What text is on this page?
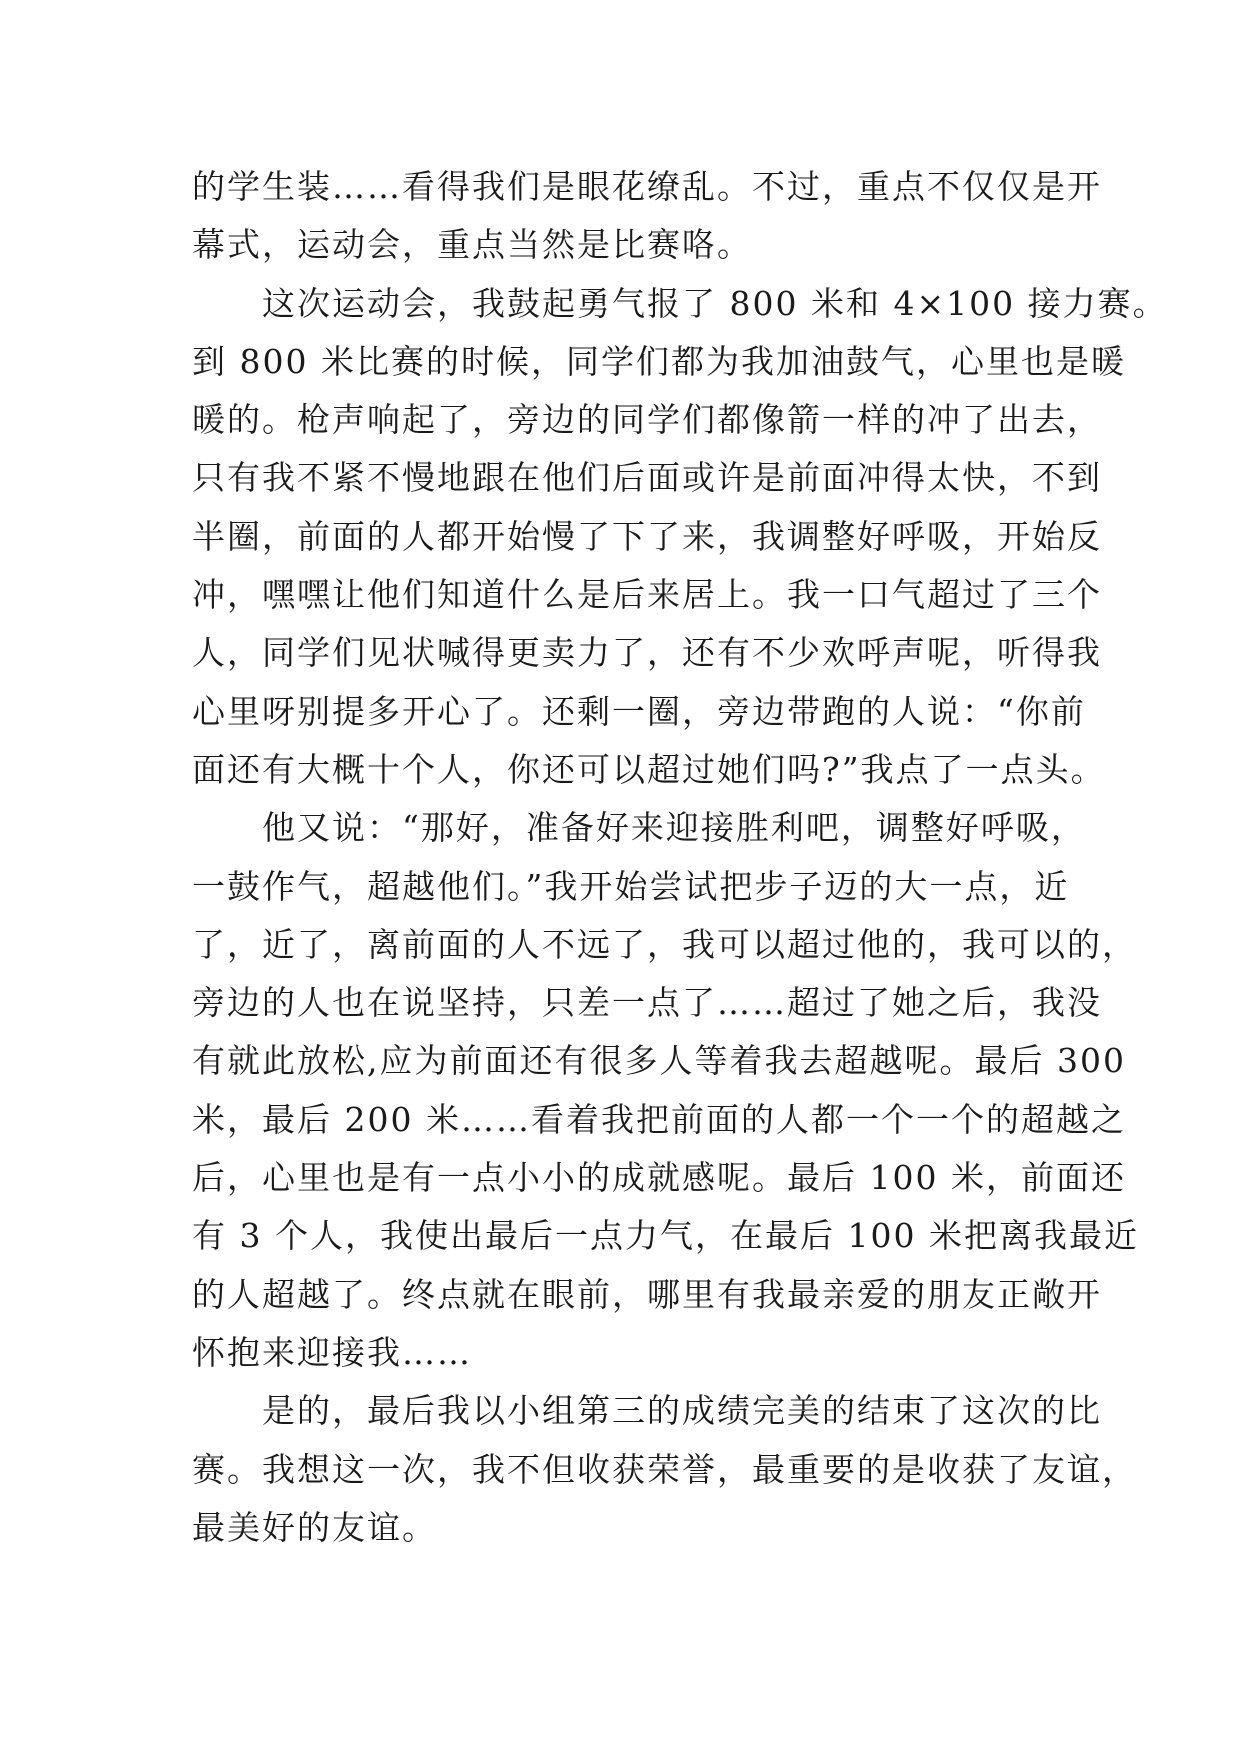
的学生装……看得我们是眼花缭乱。不过，重点不仅仅是开
幕式，运动会，重点当然是比赛咯。
　　这次运动会，我鼓起勇气报了 800 米和 4×100 接力赛。
到 800 米比赛的时候，同学们都为我加油鼓气，心里也是暖
暖的。枪声响起了，旁边的同学们都像箭一样的冲了出去，
只有我不紧不慢地跟在他们后面或许是前面冲得太快，不到
半圈，前面的人都开始慢了下了来，我调整好呼吸，开始反
冲，嘿嘿让他们知道什么是后来居上。我一口气超过了三个
人，同学们见状喊得更卖力了，还有不少欢呼声呢，听得我
心里呀别提多开心了。还剩一圈，旁边带跑的人说：“你前
面还有大概十个人，你还可以超过她们吗?”我点了一点头。
　　他又说：“那好，准备好来迎接胜利吧，调整好呼吸，
一鼓作气，超越他们。”我开始尝试把步子迈的大一点，近
了，近了，离前面的人不远了，我可以超过他的，我可以的，
旁边的人也在说坚持，只差一点了……超过了她之后，我没
有就此放松,应为前面还有很多人等着我去超越呢。最后 300
米，最后 200 米……看着我把前面的人都一个一个的超越之
后，心里也是有一点小小的成就感呢。最后 100 米，前面还
有 3 个人，我使出最后一点力气，在最后 100 米把离我最近
的人超越了。终点就在眼前，哪里有我最亲爱的朋友正敞开
怀抱来迎接我……
　　是的，最后我以小组第三的成绩完美的结束了这次的比
赛。我想这一次，我不但收获荣誉，最重要的是收获了友谊，
最美好的友谊。
